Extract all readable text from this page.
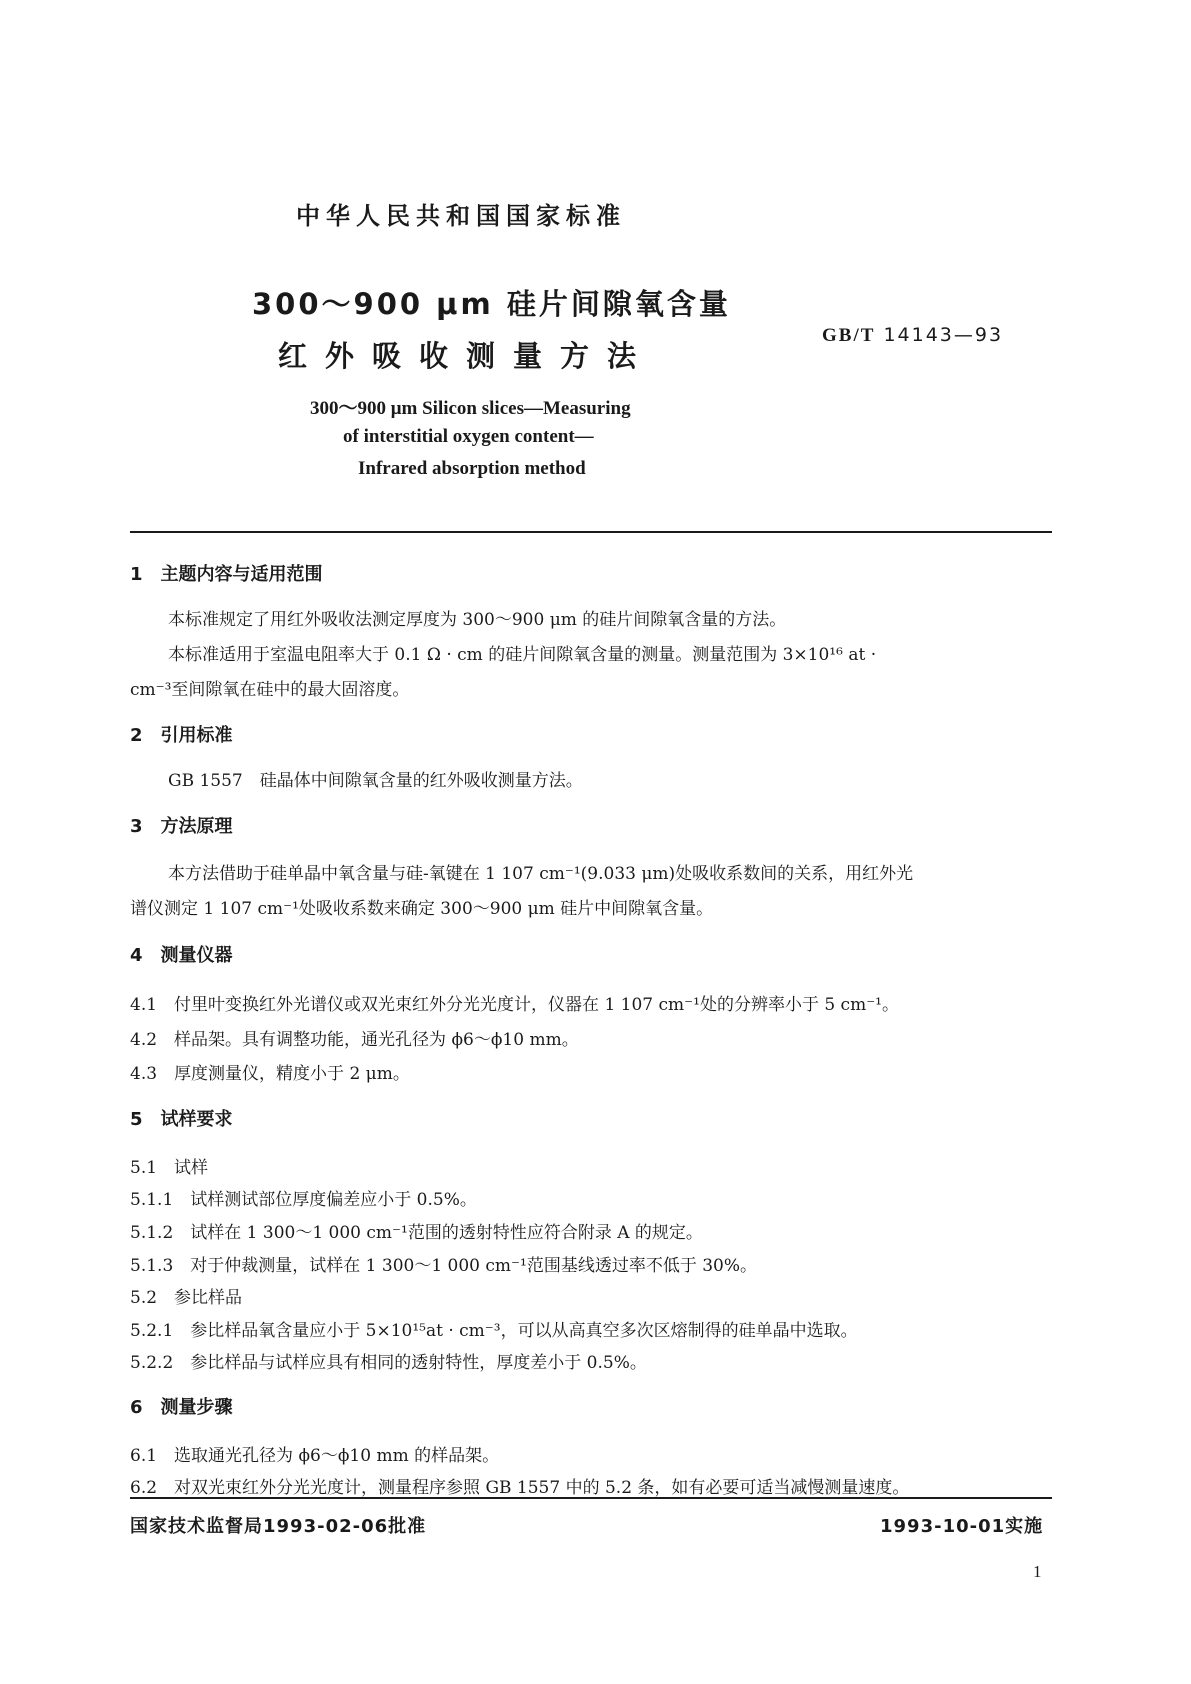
中华人民共和国国家标准
300～900 μm 硅片间隙氧含量
红外吸收测量方法
GB/T 14143—93
300～900 μm Silicon slices—Measuring
of interstitial oxygen content—
Infrared absorption method
1　主题内容与适用范围
本标准规定了用红外吸收法测定厚度为 300～900 μm 的硅片间隙氧含量的方法。
本标准适用于室温电阻率大于 0.1 Ω · cm 的硅片间隙氧含量的测量。测量范围为 3×10¹⁶ at ·
cm⁻³至间隙氧在硅中的最大固溶度。
2　引用标准
GB 1557　硅晶体中间隙氧含量的红外吸收测量方法。
3　方法原理
本方法借助于硅单晶中氧含量与硅-氧键在 1 107 cm⁻¹(9.033 μm)处吸收系数间的关系，用红外光
谱仪测定 1 107 cm⁻¹处吸收系数来确定 300～900 μm 硅片中间隙氧含量。
4　测量仪器
4.1　付里叶变换红外光谱仪或双光束红外分光光度计，仪器在 1 107 cm⁻¹处的分辨率小于 5 cm⁻¹。
4.2　样品架。具有调整功能，通光孔径为 ϕ6～ϕ10 mm。
4.3　厚度测量仪，精度小于 2 μm。
5　试样要求
5.1　试样
5.1.1　试样测试部位厚度偏差应小于 0.5%。
5.1.2　试样在 1 300～1 000 cm⁻¹范围的透射特性应符合附录 A 的规定。
5.1.3　对于仲裁测量，试样在 1 300～1 000 cm⁻¹范围基线透过率不低于 30%。
5.2　参比样品
5.2.1　参比样品氧含量应小于 5×10¹⁵at · cm⁻³，可以从高真空多次区熔制得的硅单晶中选取。
5.2.2　参比样品与试样应具有相同的透射特性，厚度差小于 0.5%。
6　测量步骤
6.1　选取通光孔径为 ϕ6～ϕ10 mm 的样品架。
6.2　对双光束红外分光光度计，测量程序参照 GB 1557 中的 5.2 条，如有必要可适当减慢测量速度。
国家技术监督局1993-02-06批准	1993-10-01实施
1
